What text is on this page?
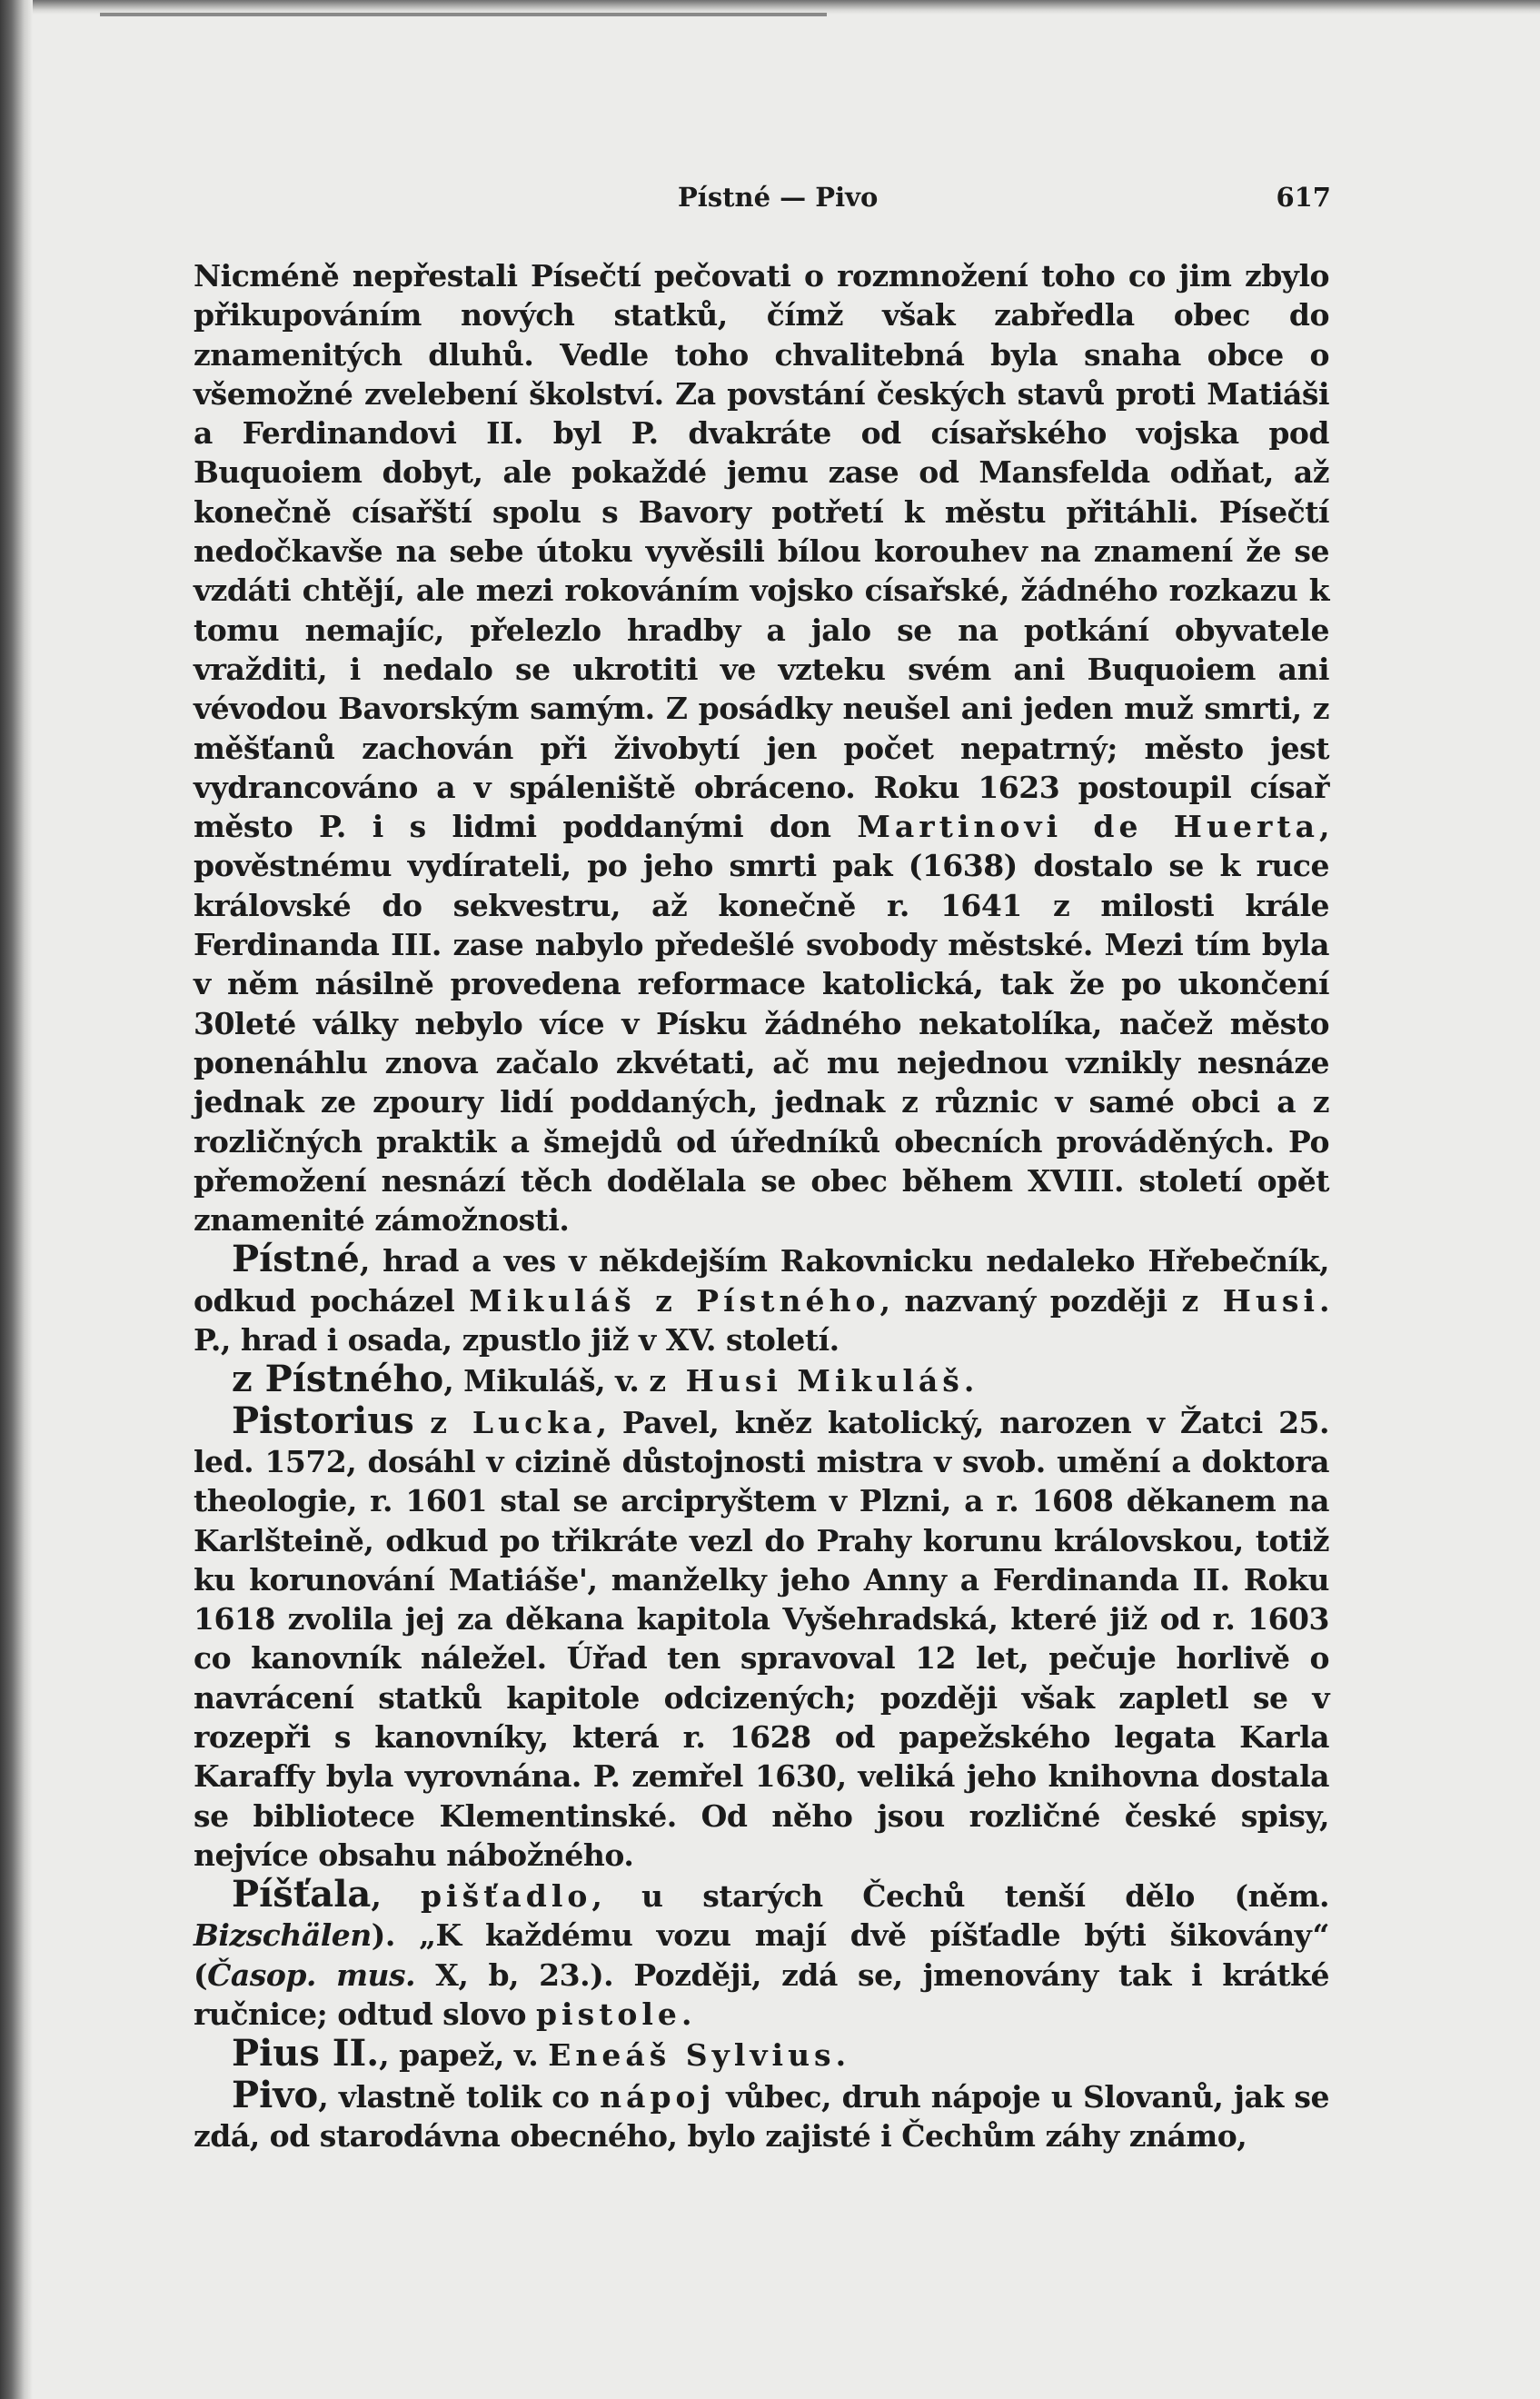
Pístné — Pivo	617

Nicméně nepřestali Písečtí pečovati o rozmnožení toho co jim zbylo přikupováním nových statků, čímž však zabředla obec do znamenitých dluhů. Vedle toho chvalitebná byla snaha obce o všemožné zvelebení školství. Za povstání českých stavů proti Matiáši a Ferdinandovi II. byl P. dvakráte od císařského vojska pod Buquoiem dobyt, ale pokaždé jemu zase od Mansfelda odňat, až konečně císařští spolu s Bavory potřetí k městu přitáhli. Písečtí nedočkavše na sebe útoku vyvěsili bílou korouhev na znamení že se vzdáti chtějí, ale mezi rokováním vojsko císařské, žádného rozkazu k tomu nemajíc, přelezlo hradby a jalo se na potkání obyvatele vražditi, i nedalo se ukrotiti ve vzteku svém ani Buquoiem ani vévodou Bavorským samým. Z posádky neušel ani jeden muž smrti, z měšťanů zachován při živobytí jen počet nepatrný; město jest vydrancováno a v spáleniště obráceno. Roku 1623 postoupil císař město P. i s lidmi poddanými don Martinovi de Huerta, pověstnému vydírateli, po jeho smrti pak (1638) dostalo se k ruce královské do sekvestru, až konečně r. 1641 z milosti krále Ferdinanda III. zase nabylo předešlé svobody městské. Mezi tím byla v něm násilně provedena reformace katolická, tak že po ukončení 30leté války nebylo více v Písku žádného nekatolíka, načež město ponenáhlu znova začalo zkvétati, ač mu nejednou vznikly nesnáze jednak ze zpoury lidí poddaných, jednak z různic v samé obci a z rozličných praktik a šmejdů od úředníků obecních prováděných. Po přemožení nesnází těch dodělala se obec během XVIII. století opět znamenité zámožnosti.

Pístné, hrad a ves v nĕkdejším Rakovnicku nedaleko Hřebečník, odkud pocházel Mikuláš z Pístného, nazvaný později z Husi. P., hrad i osada, zpustlo již v XV. století.

z Pístného, Mikuláš, v. z Husi Mikuláš.

Pistorius z Lucka, Pavel, kněz katolický, narozen v Žatci 25. led. 1572, dosáhl v cizině důstojnosti mistra v svob. umění a doktora theologie, r. 1601 stal se arcipryštem v Plzni, a r. 1608 děkanem na Karlšteině, odkud po třikráte vezl do Prahy korunu královskou, totiž ku korunování Matiáše', manželky jeho Anny a Ferdinanda II. Roku 1618 zvolila jej za děkana kapitola Vyšehradská, které již od r. 1603 co kanovník náležel. Úřad ten spravoval 12 let, pečuje horlivě o navrácení statků kapitole odcizených; později však zapletl se v rozepři s kanovníky, která r. 1628 od papežského legata Karla Karaffy byla vyrovnána. P. zemřel 1630, veliká jeho knihovna dostala se bibliotece Klementinské. Od něho jsou rozličné české spisy, nejvíce obsahu nábožného.

Píšťala, pišťadlo, u starých Čechů tenší dělo (něm. Bizschälen). „K každému vozu mají dvě píšťadle býti šikovány“ (Časop. mus. X, b, 23.). Později, zdá se, jmenovány tak i krátké ručnice; odtud slovo pistole.

Pius II., papež, v. Eneáš Sylvius.

Pivo, vlastně tolik co nápoj vůbec, druh nápoje u Slovanů, jak se zdá, od starodávna obecného, bylo zajisté i Čechům záhy známo,
